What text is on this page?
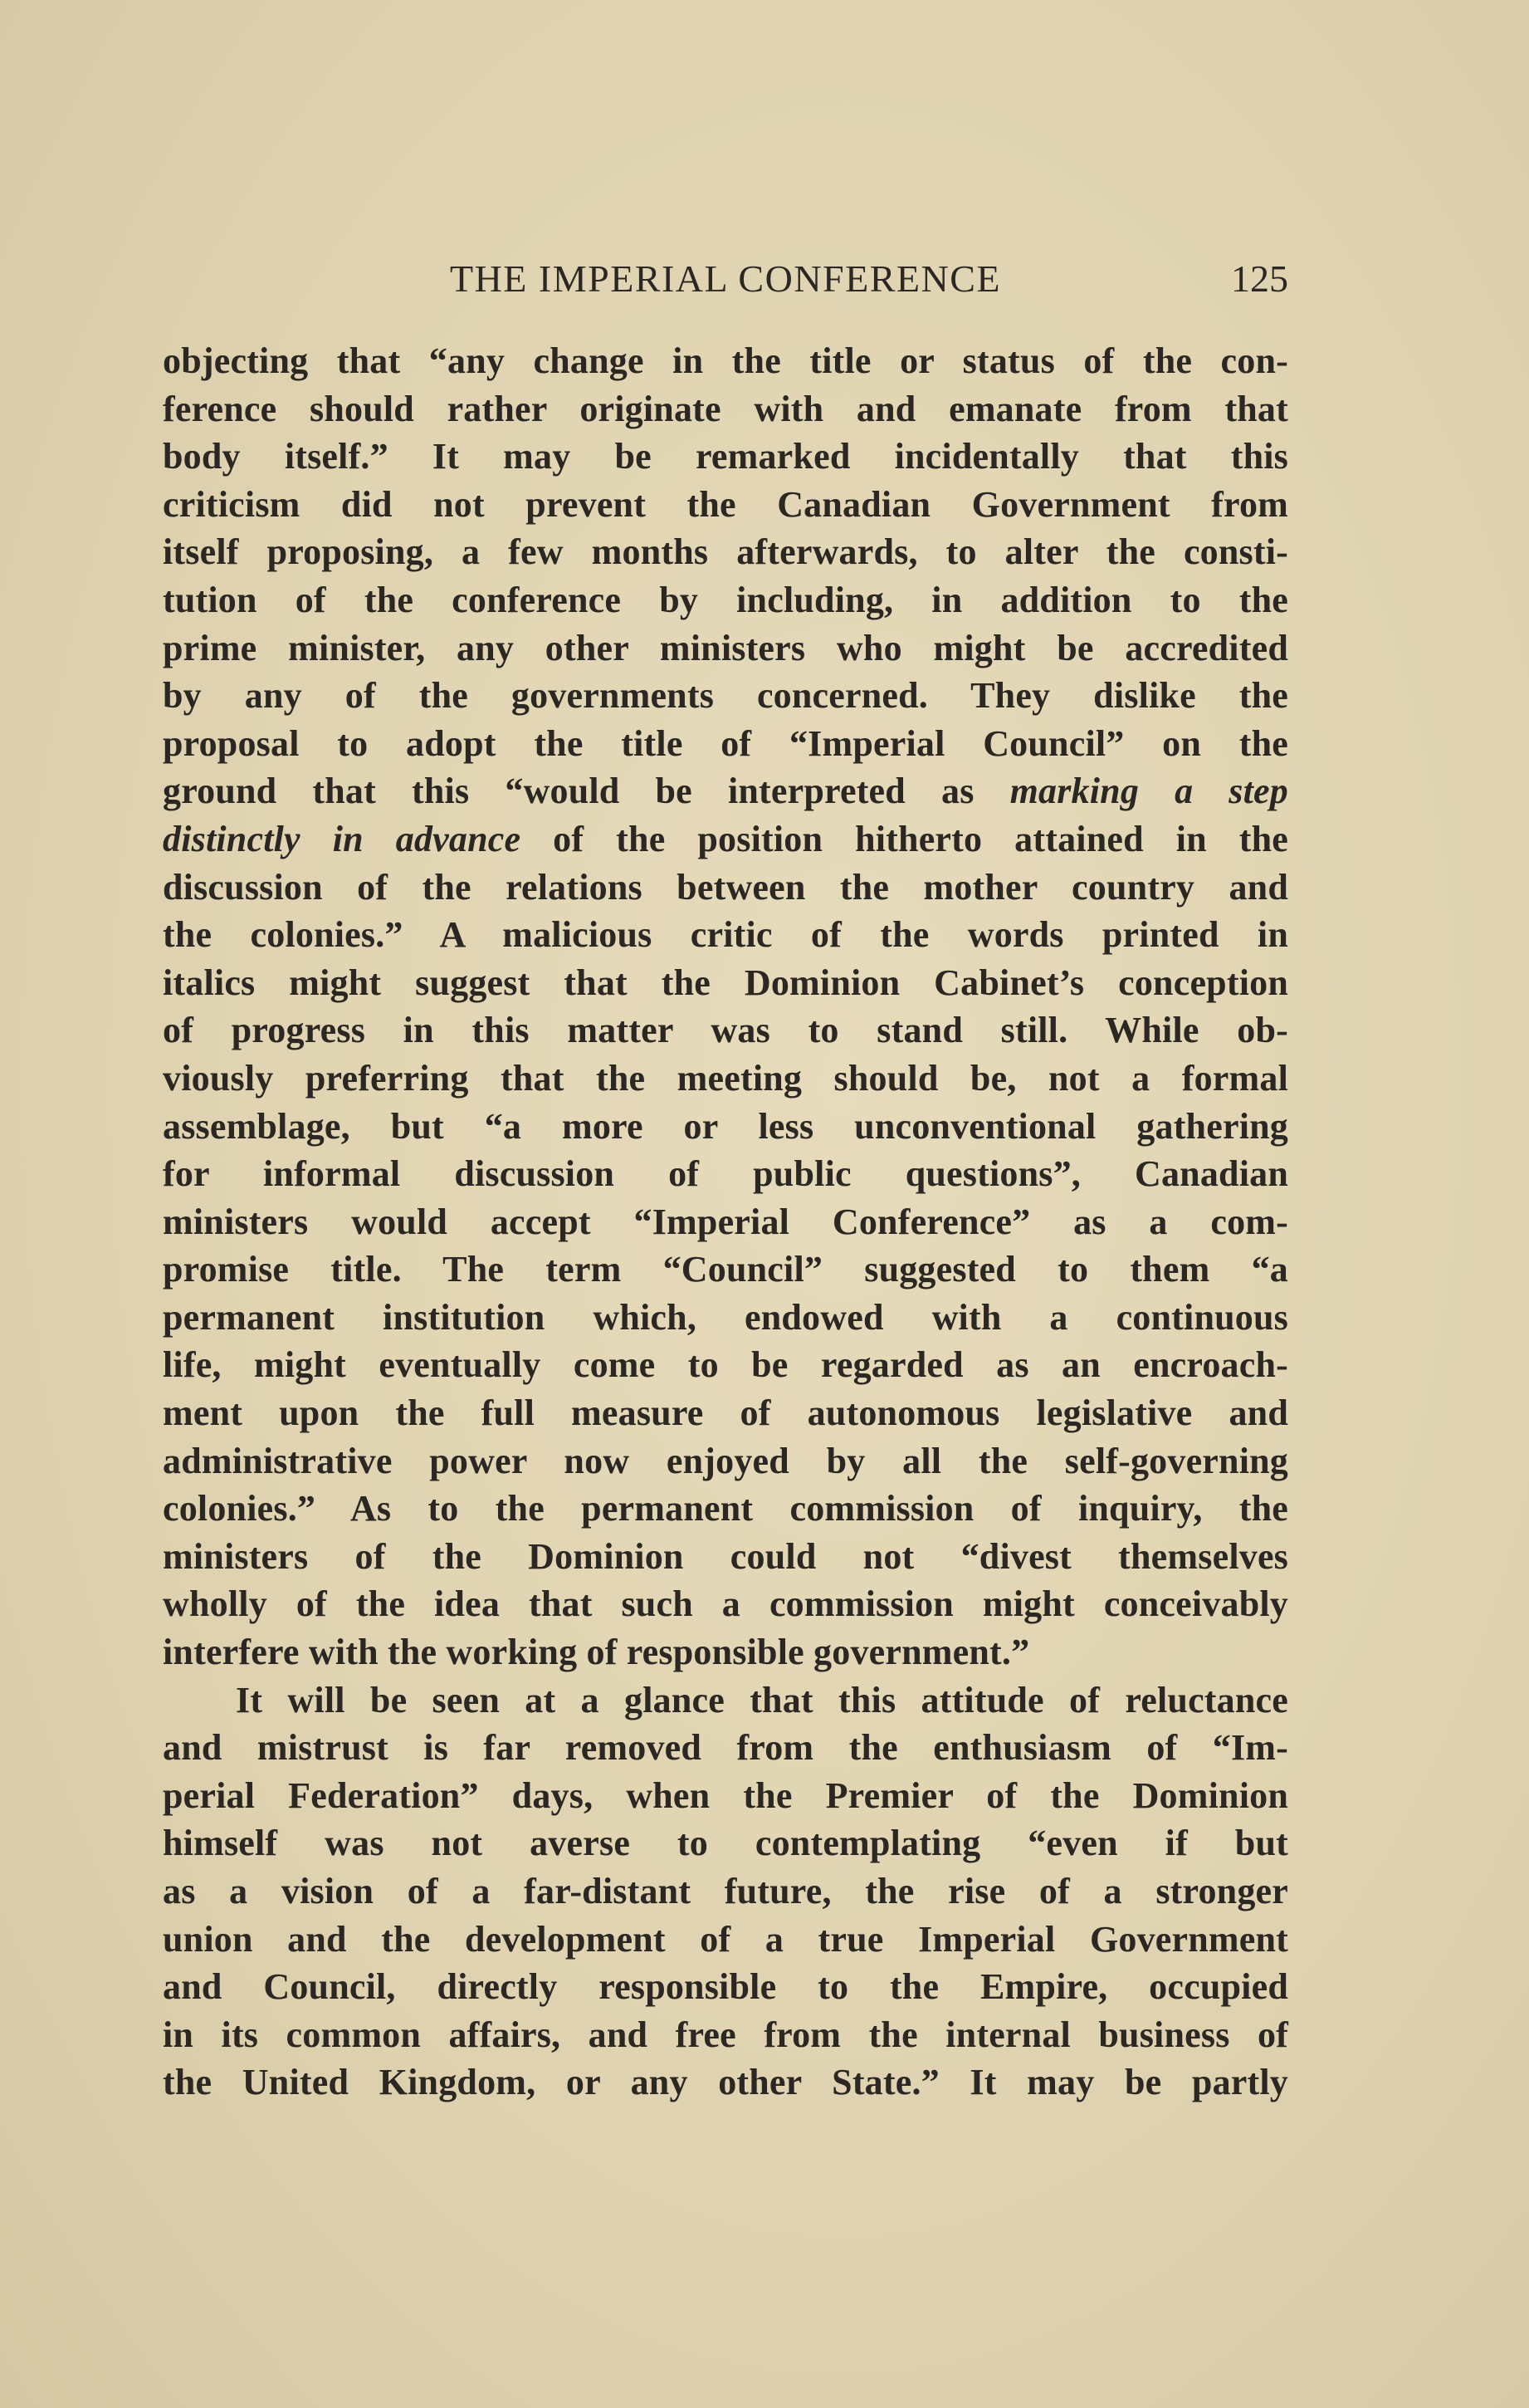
THE IMPERIAL CONFERENCE	125
objecting that “any change in the title or status of the con-
ference should rather originate with and emanate from that
body itself.” It may be remarked incidentally that this
criticism did not prevent the Canadian Government from
itself proposing, a few months afterwards, to alter the consti-
tution of the conference by including, in addition to the
prime minister, any other ministers who might be accredited
by any of the governments concerned. They dislike the
proposal to adopt the title of “Imperial Council” on the
ground that this “would be interpreted as marking a step
distinctly in advance of the position hitherto attained in the
discussion of the relations between the mother country and
the colonies.” A malicious critic of the words printed in
italics might suggest that the Dominion Cabinet’s conception
of progress in this matter was to stand still. While ob-
viously preferring that the meeting should be, not a formal
assemblage, but “a more or less unconventional gathering
for informal discussion of public questions”, Canadian
ministers would accept “Imperial Conference” as a com-
promise title. The term “Council” suggested to them “a
permanent institution which, endowed with a continuous
life, might eventually come to be regarded as an encroach-
ment upon the full measure of autonomous legislative and
administrative power now enjoyed by all the self-governing
colonies.” As to the permanent commission of inquiry, the
ministers of the Dominion could not “divest themselves
wholly of the idea that such a commission might conceivably
interfere with the working of responsible government.”
It will be seen at a glance that this attitude of reluctance
and mistrust is far removed from the enthusiasm of “Im-
perial Federation” days, when the Premier of the Dominion
himself was not averse to contemplating “even if but
as a vision of a far-distant future, the rise of a stronger
union and the development of a true Imperial Government
and Council, directly responsible to the Empire, occupied
in its common affairs, and free from the internal business of
the United Kingdom, or any other State.” It may be partly
